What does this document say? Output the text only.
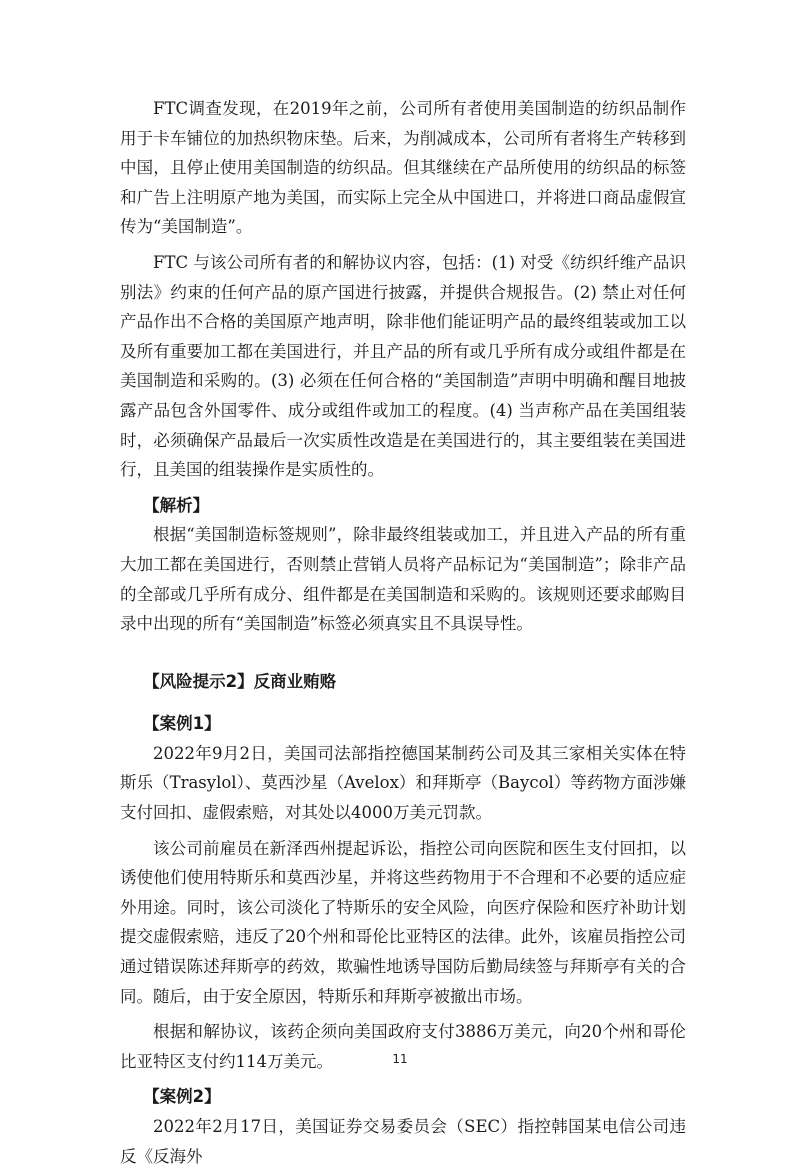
FTC调查发现，在2019年之前，公司所有者使用美国制造的纺织品制作用于卡车铺位的加热织物床垫。后来，为削减成本，公司所有者将生产转移到中国，且停止使用美国制造的纺织品。但其继续在产品所使用的纺织品的标签和广告上注明原产地为美国，而实际上完全从中国进口，并将进口商品虚假宣传为“美国制造”。

FTC 与该公司所有者的和解协议内容，包括：(1) 对受《纺织纤维产品识别法》约束的任何产品的原产国进行披露，并提供合规报告。(2) 禁止对任何产品作出不合格的美国原产地声明，除非他们能证明产品的最终组装或加工以及所有重要加工都在美国进行，并且产品的所有或几乎所有成分或组件都是在美国制造和采购的。(3) 必须在任何合格的“美国制造”声明中明确和醒目地披露产品包含外国零件、成分或组件或加工的程度。(4) 当声称产品在美国组装时，必须确保产品最后一次实质性改造是在美国进行的，其主要组装在美国进行，且美国的组装操作是实质性的。

【解析】

根据“美国制造标签规则”，除非最终组装或加工，并且进入产品的所有重大加工都在美国进行，否则禁止营销人员将产品标记为“美国制造”；除非产品的全部或几乎所有成分、组件都是在美国制造和采购的。该规则还要求邮购目录中出现的所有“美国制造”标签必须真实且不具误导性。

【风险提示2】反商业贿赂

【案例1】

2022年9月2日，美国司法部指控德国某制药公司及其三家相关实体在特斯乐（Trasylol）、莫西沙星（Avelox）和拜斯亭（Baycol）等药物方面涉嫌支付回扣、虚假索赔，对其处以4000万美元罚款。

该公司前雇员在新泽西州提起诉讼，指控公司向医院和医生支付回扣，以诱使他们使用特斯乐和莫西沙星，并将这些药物用于不合理和不必要的适应症外用途。同时，该公司淡化了特斯乐的安全风险，向医疗保险和医疗补助计划提交虚假索赔，违反了20个州和哥伦比亚特区的法律。此外，该雇员指控公司通过错误陈述拜斯亭的药效，欺骗性地诱导国防后勤局续签与拜斯亭有关的合同。随后，由于安全原因，特斯乐和拜斯亭被撤出市场。

根据和解协议，该药企须向美国政府支付3886万美元，向20个州和哥伦比亚特区支付约114万美元。

【案例2】

2022年2月17日，美国证券交易委员会（SEC）指控韩国某电信公司违反《反海外

11
